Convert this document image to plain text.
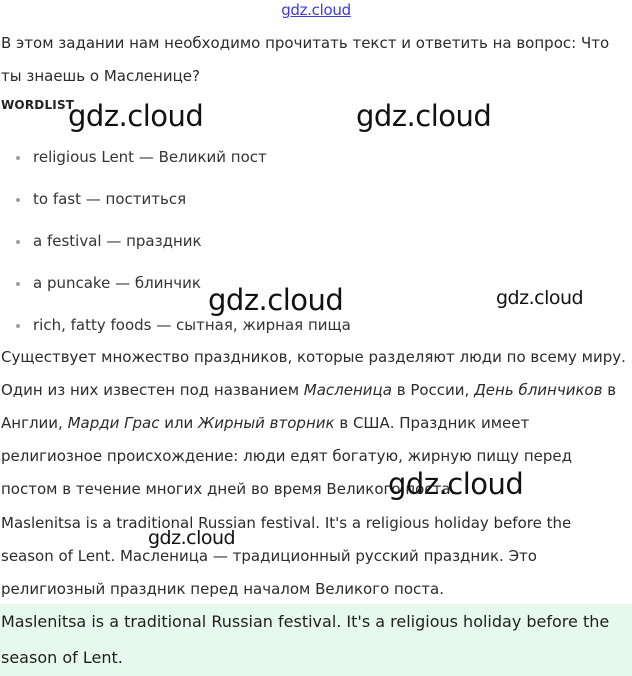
gdz.cloud

В этом задании нам необходимо прочитать текст и ответить на вопрос: Что ты знаешь о Масленице?

WORDLIST
religious Lent — Великий пост
to fast — поститься
a festival — праздник
a puncake — блинчик
rich, fatty foods — сытная, жирная пища

Существует множество праздников, которые разделяют люди по всему миру. Один из них известен под названием Масленица в России, День блинчиков в Англии, Марди Грас или Жирный вторник в США. Праздник имеет религиозное происхождение: люди едят богатую, жирную пищу перед постом в течение многих дней во время Великого поста.

Maslenitsa is a traditional Russian festival. It's a religious holiday before the season of Lent. Масленица — традиционный русский праздник. Это религиозный праздник перед началом Великого поста.

Maslenitsa is a traditional Russian festival. It's a religious holiday before the season of Lent.

gdz.cloud	gdz.cloud
gdz.cloud	gdz.cloud
gdz.cloud
gdz.cloud
